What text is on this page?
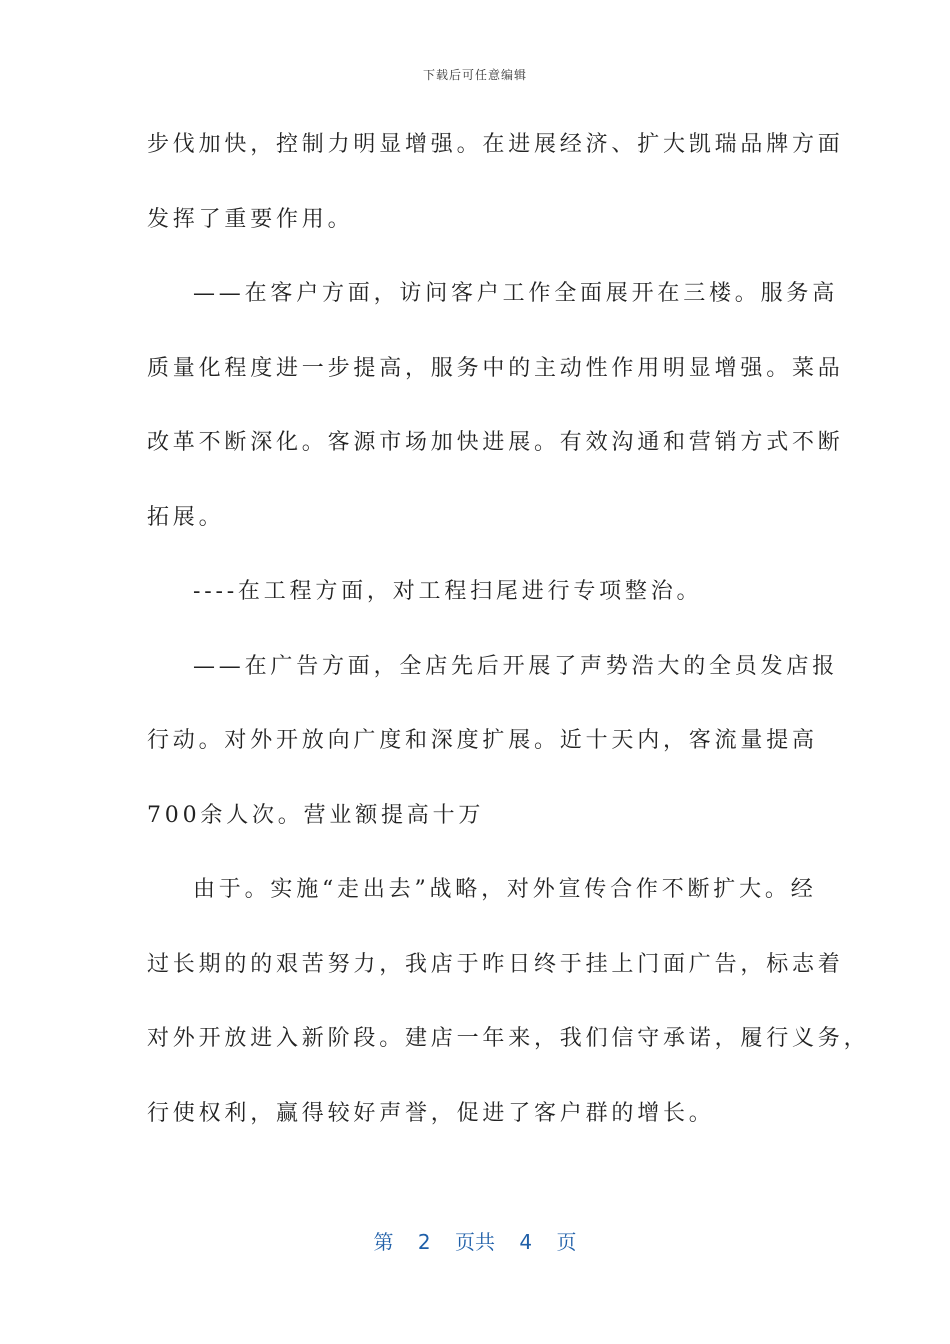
下载后可任意编辑
步伐加快，控制力明显增强。在进展经济、扩大凯瑞品牌方面
发挥了重要作用。
——在客户方面，访问客户工作全面展开在三楼。服务高
质量化程度进一步提高，服务中的主动性作用明显增强。菜品
改革不断深化。客源市场加快进展。有效沟通和营销方式不断
拓展。
----在工程方面，对工程扫尾进行专项整治。
——在广告方面，全店先后开展了声势浩大的全员发店报
行动。对外开放向广度和深度扩展。近十天内，客流量提高
700余人次。营业额提高十万
由于。实施“走出去”战略，对外宣传合作不断扩大。经
过长期的的艰苦努力，我店于昨日终于挂上门面广告，标志着
对外开放进入新阶段。建店一年来，我们信守承诺，履行义务，
行使权利，赢得较好声誉，促进了客户群的增长。
第 2 页共 4 页
